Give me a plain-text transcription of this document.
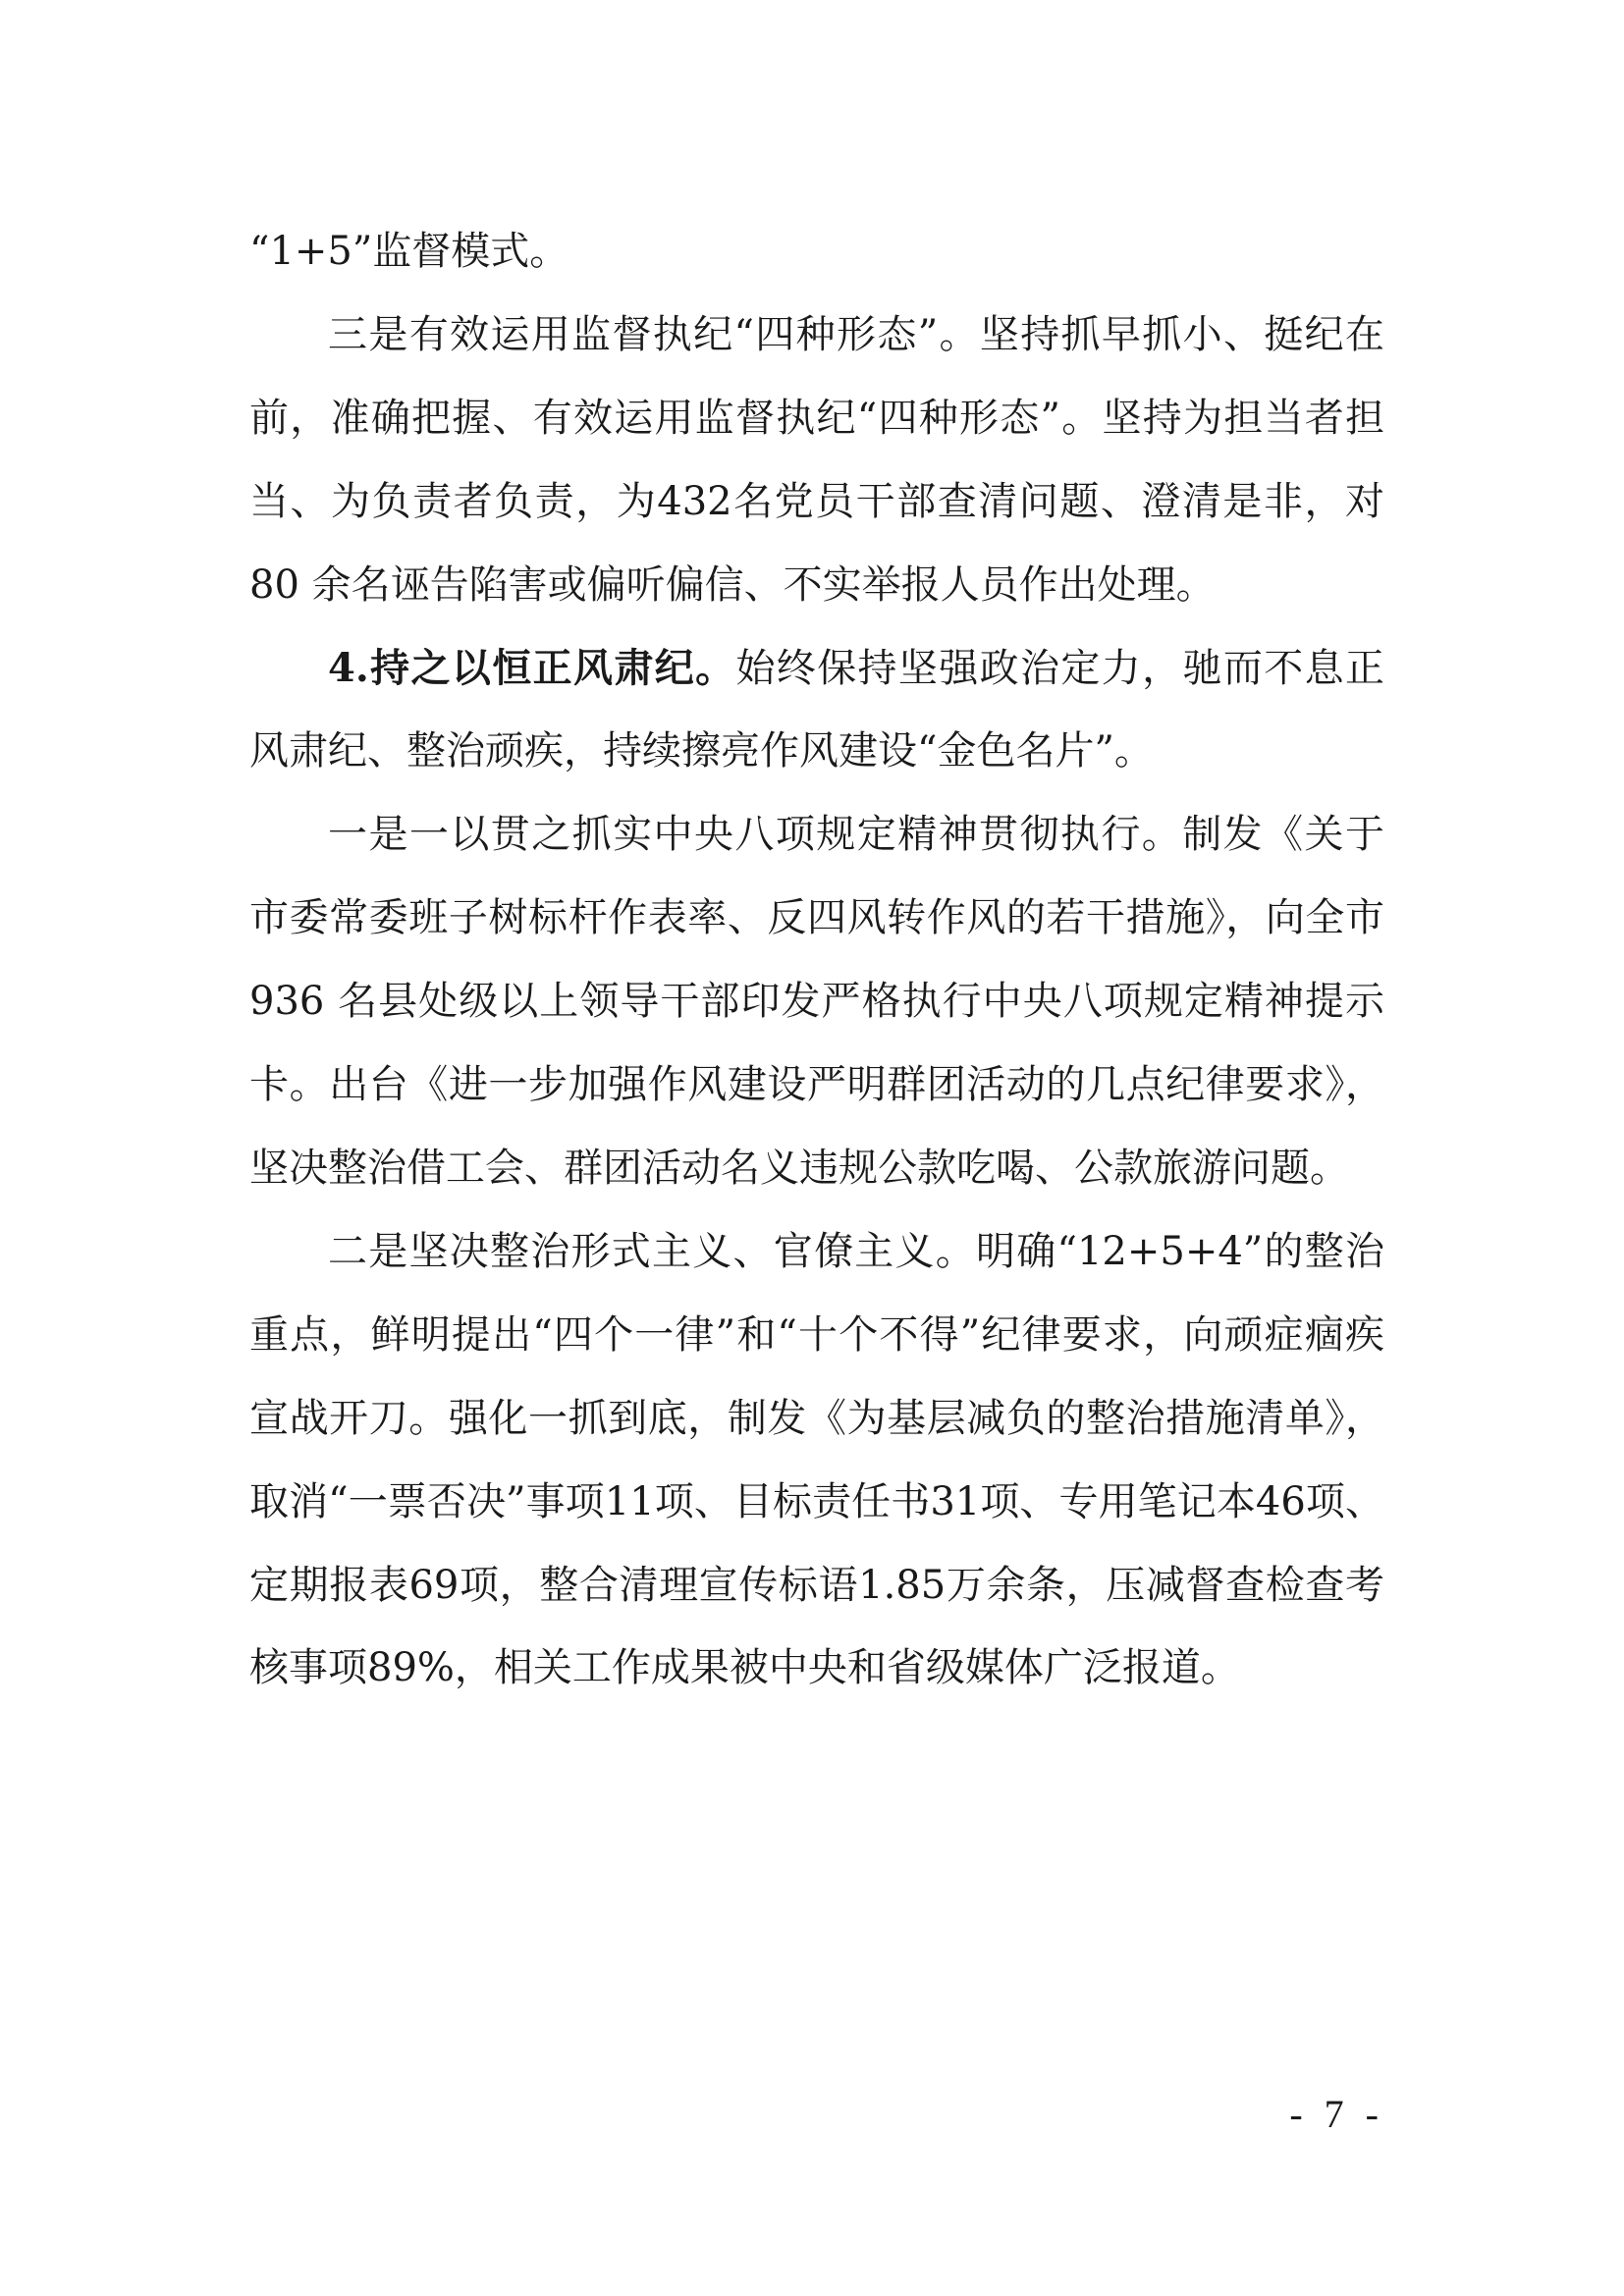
“1+5”监督模式。

三是有效运用监督执纪“四种形态”。坚持抓早抓小、挺纪在前，准确把握、有效运用监督执纪“四种形态”。坚持为担当者担当、为负责者负责，为432名党员干部查清问题、澄清是非，对 80 余名诬告陷害或偏听偏信、不实举报人员作出处理。

4.持之以恒正风肃纪。始终保持坚强政治定力，驰而不息正风肃纪、整治顽疾，持续擦亮作风建设“金色名片”。

一是一以贯之抓实中央八项规定精神贯彻执行。制发《关于市委常委班子树标杆作表率、反四风转作风的若干措施》，向全市 936 名县处级以上领导干部印发严格执行中央八项规定精神提示卡。出台《进一步加强作风建设严明群团活动的几点纪律要求》，坚决整治借工会、群团活动名义违规公款吃喝、公款旅游问题。

二是坚决整治形式主义、官僚主义。明确“12+5+4”的整治重点，鲜明提出“四个一律”和“十个不得”纪律要求，向顽症痼疾宣战开刀。强化一抓到底，制发《为基层减负的整治措施清单》，取消“一票否决”事项11项、目标责任书31项、专用笔记本46项、定期报表69项，整合清理宣传标语1.85万余条，压减督查检查考核事项89%，相关工作成果被中央和省级媒体广泛报道。

- 7 -
